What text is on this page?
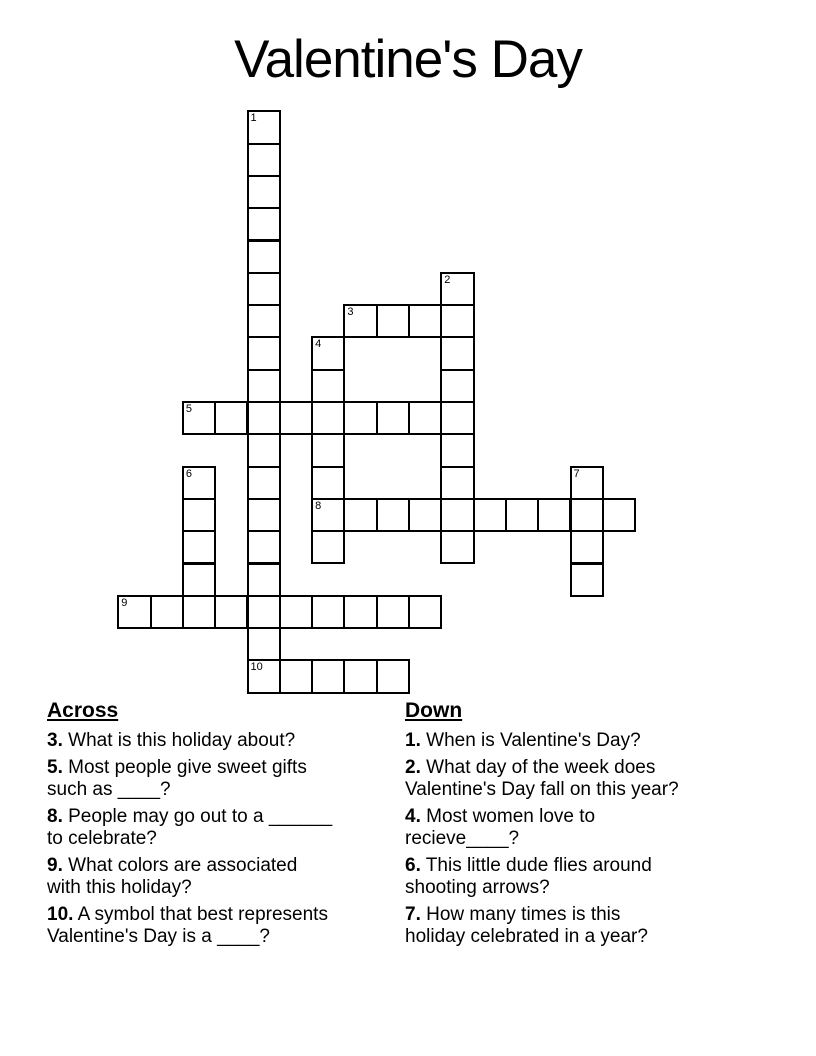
Valentine's Day
1
2
3
4
5
6	7
8
9
10
Across

3. What is this holiday about?

5. Most people give sweet gifts
such as ____?

8. People may go out to a ______
to celebrate?

9. What colors are associated
with this holiday?

10. A symbol that best represents
Valentine's Day is a ____?

Down

1. When is Valentine's Day?

2. What day of the week does
Valentine's Day fall on this year?

4. Most women love to
recieve____?

6. This little dude flies around
shooting arrows?

7. How many times is this
holiday celebrated in a year?
